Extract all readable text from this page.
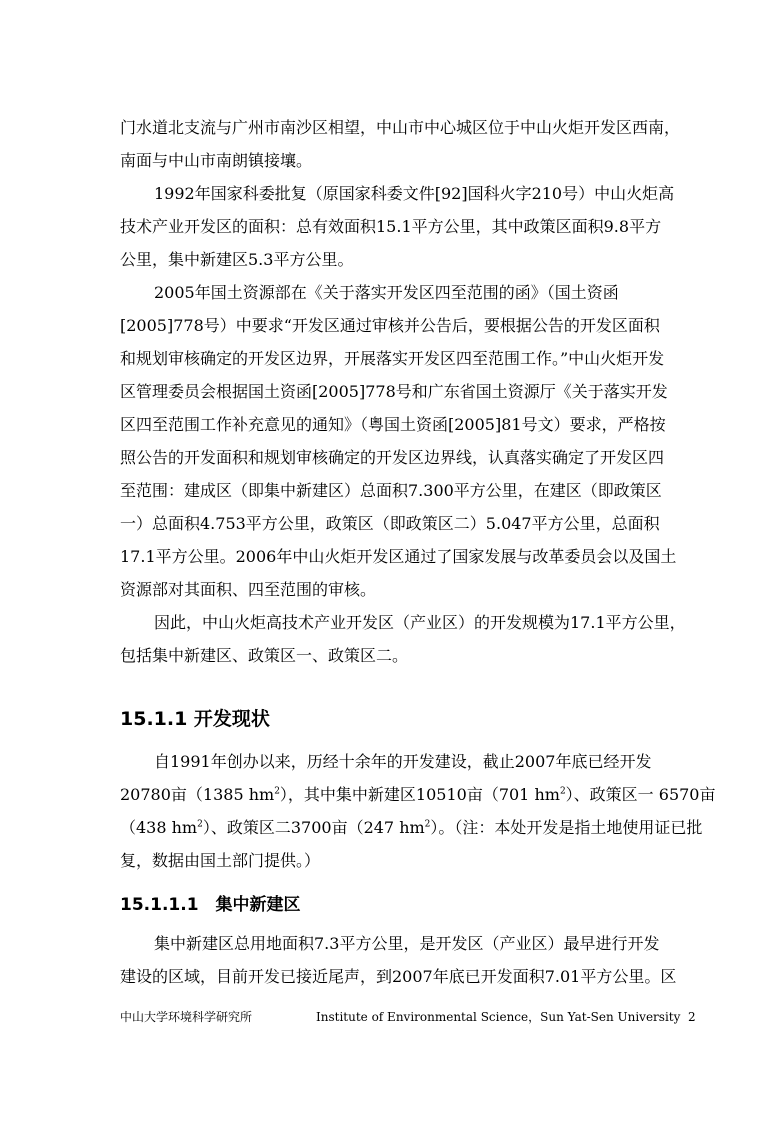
门水道北支流与广州市南沙区相望，中山市中心城区位于中山火炬开发区西南，
南面与中山市南朗镇接壤。
1992年国家科委批复（原国家科委文件[92]国科火字210号）中山火炬高
技术产业开发区的面积：总有效面积15.1平方公里，其中政策区面积9.8平方
公里，集中新建区5.3平方公里。
2005年国土资源部在《关于落实开发区四至范围的函》（国土资函
[2005]778号）中要求“开发区通过审核并公告后，要根据公告的开发区面积
和规划审核确定的开发区边界，开展落实开发区四至范围工作。”中山火炬开发
区管理委员会根据国土资函[2005]778号和广东省国土资源厅《关于落实开发
区四至范围工作补充意见的通知》（粤国土资函[2005]81号文）要求，严格按
照公告的开发面积和规划审核确定的开发区边界线，认真落实确定了开发区四
至范围：建成区（即集中新建区）总面积7.300平方公里，在建区（即政策区
一）总面积4.753平方公里，政策区（即政策区二）5.047平方公里，总面积
17.1平方公里。2006年中山火炬开发区通过了国家发展与改革委员会以及国土
资源部对其面积、四至范围的审核。
因此，中山火炬高技术产业开发区（产业区）的开发规模为17.1平方公里，
包括集中新建区、政策区一、政策区二。
15.1.1 开发现状
自1991年创办以来，历经十余年的开发建设，截止2007年底已经开发
20780亩（1385 $hm^2$），其中集中新建区10510亩（701 $hm^2$）、政策区一 6570亩
（438 $hm^2$）、政策区二3700亩（247 $hm^2$）。（注：本处开发是指土地使用证已批
复，数据由国土部门提供。）
15.1.1.1　集中新建区
集中新建区总用地面积7.3平方公里，是开发区（产业区）最早进行开发
建设的区域，目前开发已接近尾声，到2007年底已开发面积7.01平方公里。区
中山大学环境科学研究所	Institute of Environmental Science，Sun Yat-Sen University 2
